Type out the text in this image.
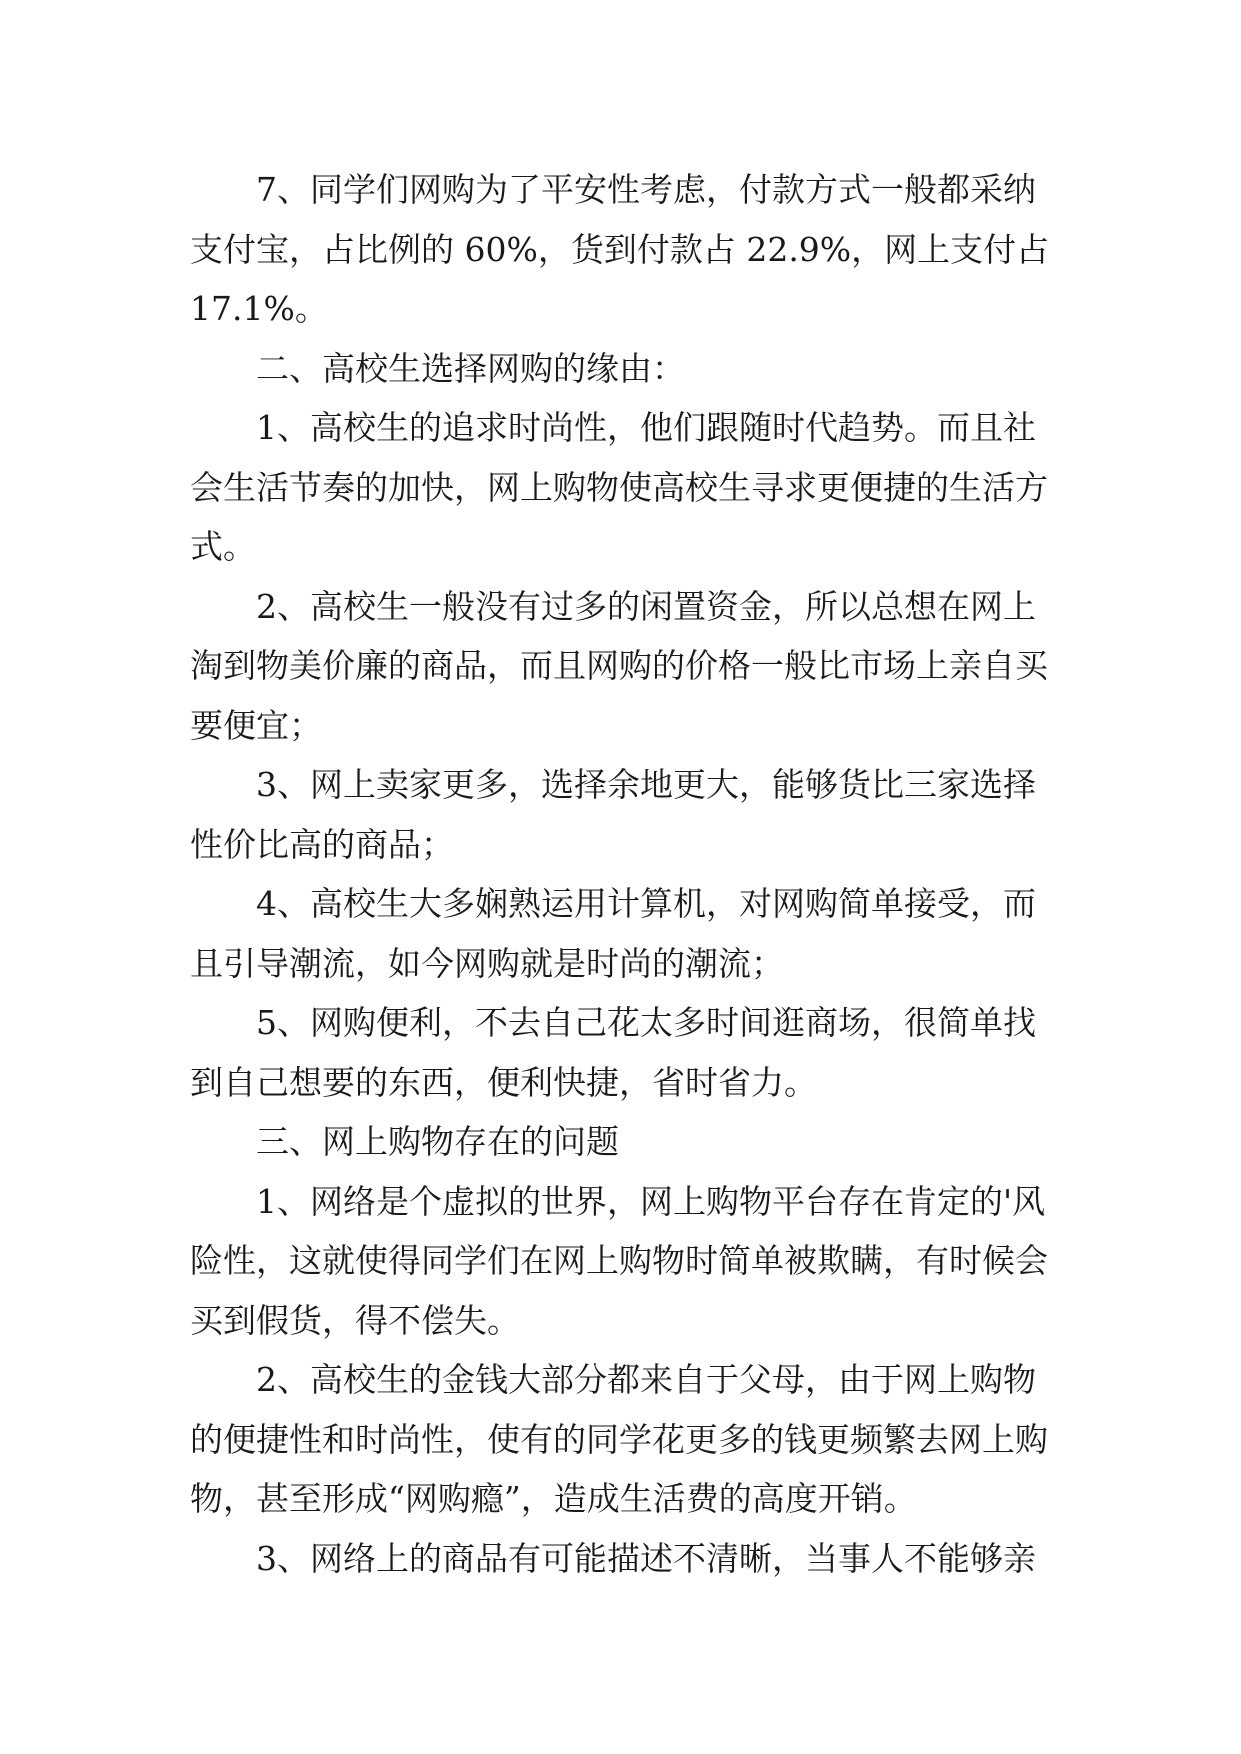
7、同学们网购为了平安性考虑，付款方式一般都采纳
支付宝，占比例的 60%，货到付款占 22.9%，网上支付占
17.1%。
二、高校生选择网购的缘由：
1、高校生的追求时尚性，他们跟随时代趋势。而且社
会生活节奏的加快，网上购物使高校生寻求更便捷的生活方
式。
2、高校生一般没有过多的闲置资金，所以总想在网上
淘到物美价廉的商品，而且网购的价格一般比市场上亲自买
要便宜；
3、网上卖家更多，选择余地更大，能够货比三家选择
性价比高的商品；
4、高校生大多娴熟运用计算机，对网购简单接受，而
且引导潮流，如今网购就是时尚的潮流；
5、网购便利，不去自己花太多时间逛商场，很简单找
到自己想要的东西，便利快捷，省时省力。
三、网上购物存在的问题
1、网络是个虚拟的世界，网上购物平台存在肯定的'风
险性，这就使得同学们在网上购物时简单被欺瞒，有时候会
买到假货，得不偿失。
2、高校生的金钱大部分都来自于父母，由于网上购物
的便捷性和时尚性，使有的同学花更多的钱更频繁去网上购
物，甚至形成“网购瘾”，造成生活费的高度开销。
3、网络上的商品有可能描述不清晰，当事人不能够亲
